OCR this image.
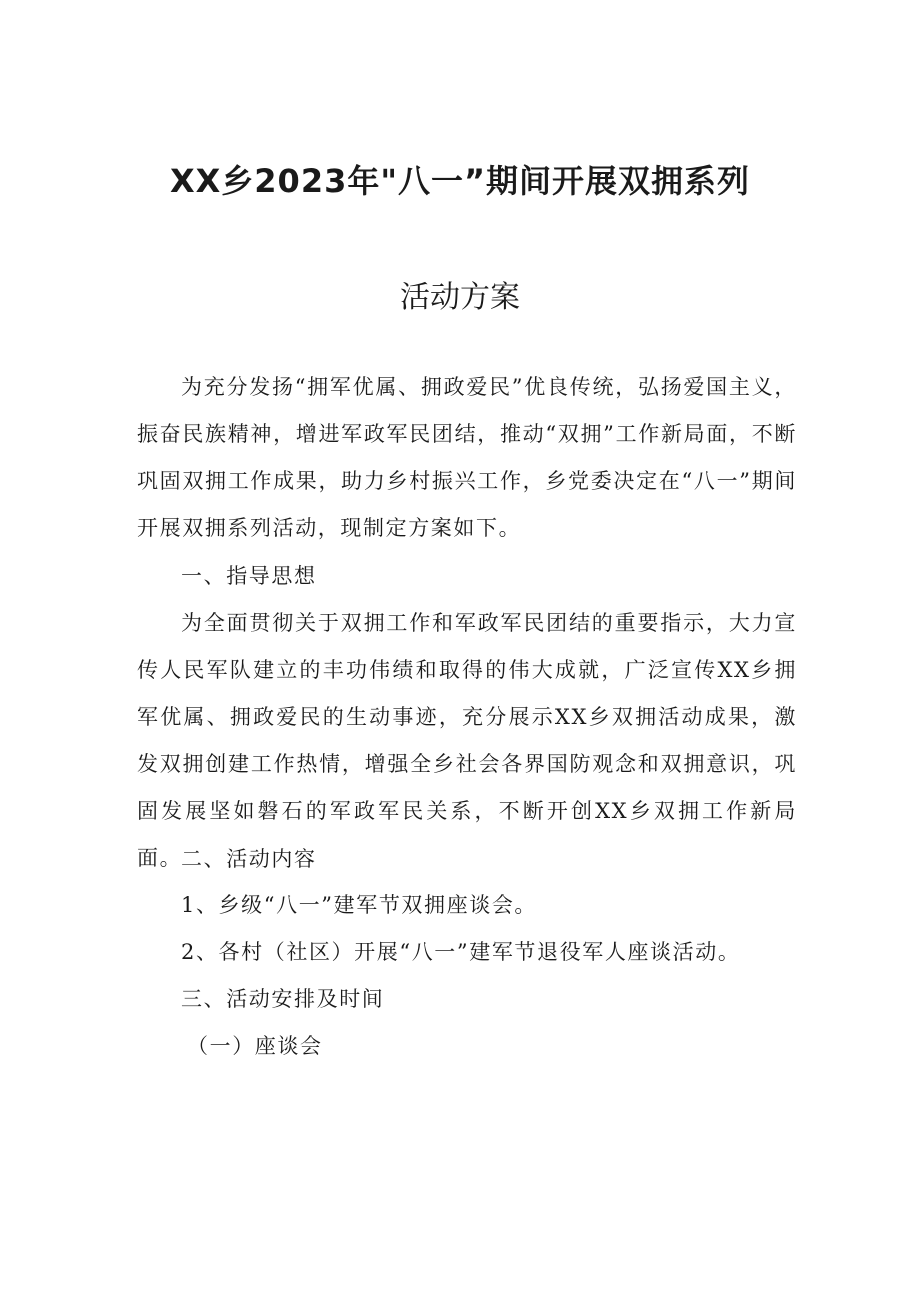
XX乡2023年"八一”期间开展双拥系列
活动方案

为充分发扬“拥军优属、拥政爱民”优良传统，弘扬爱国主义，振奋民族精神，增进军政军民团结，推动“双拥”工作新局面，不断巩固双拥工作成果，助力乡村振兴工作，乡党委决定在“八一”期间开展双拥系列活动，现制定方案如下。

一、指导思想

为全面贯彻关于双拥工作和军政军民团结的重要指示，大力宣传人民军队建立的丰功伟绩和取得的伟大成就，广泛宣传XX乡拥军优属、拥政爱民的生动事迹，充分展示XX乡双拥活动成果，激发双拥创建工作热情，增强全乡社会各界国防观念和双拥意识，巩固发展坚如磐石的军政军民关系，不断开创XX乡双拥工作新局面。

二、活动内容

1、乡级“八一”建军节双拥座谈会。

2、各村（社区）开展“八一”建军节退役军人座谈活动。

三、活动安排及时间

（一）座谈会
